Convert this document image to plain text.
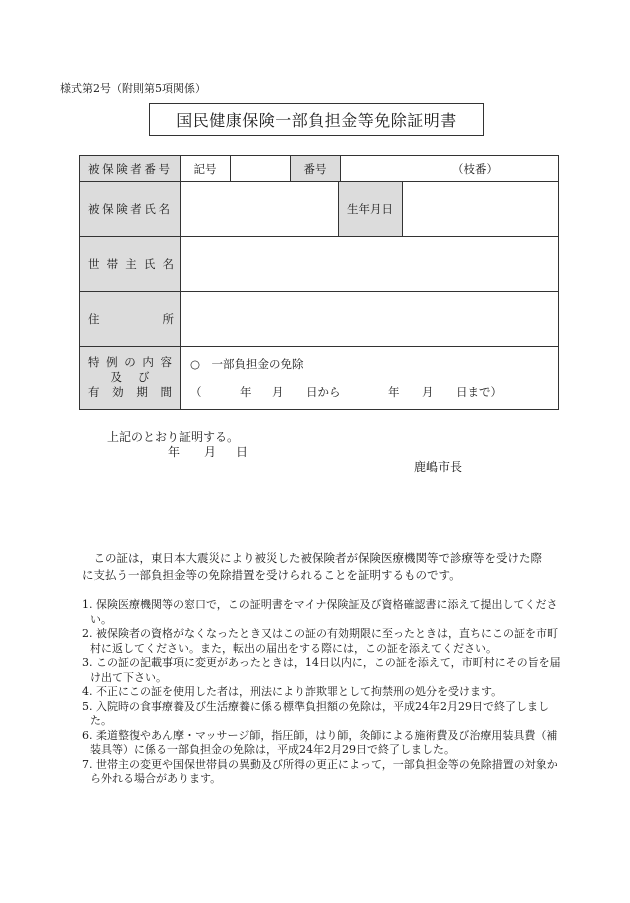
様式第2号（附則第5項関係）
国民健康保険一部負担金等免除証明書
被 保 険 者 番 号	記号	番号	（枝番）
被 保 険 者 氏 名	生年月日
世 帯 主 氏 名
住	所
特 例 の 内 容
及 び
有 効 期 間
○　一部負担金の免除
（	年	月	日から	年	月	日まで）
上記のとおり証明する。
年 月 日
鹿嶋市長

　この証は，東日本大震災により被災した被保険者が保険医療機関等で診療等を受けた際

に支払う一部負担金等の免除措置を受けられることを証明するものです。

1. 保険医療機関等の窓口で，この証明書をマイナ保険証及び資格確認書に添えて提出してください。
2. 被保険者の資格がなくなったとき又はこの証の有効期限に至ったときは，直ちにこの証を市町村に返してください。また，転出の届出をする際には，この証を添えてください。
3. この証の記載事項に変更があったときは，14日以内に，この証を添えて，市町村にその旨を届け出て下さい。
4. 不正にこの証を使用した者は，刑法により詐欺罪として拘禁刑の処分を受けます。
5. 入院時の食事療養及び生活療養に係る標準負担額の免除は，平成24年2月29日で終了しました。
6. 柔道整復やあん摩・マッサージ師，指圧師，はり師，灸師による施術費及び治療用装具費（補装具等）に係る一部負担金の免除は，平成24年2月29日で終了しました。
7. 世帯主の変更や国保世帯員の異動及び所得の更正によって，一部負担金等の免除措置の対象から外れる場合があります。
